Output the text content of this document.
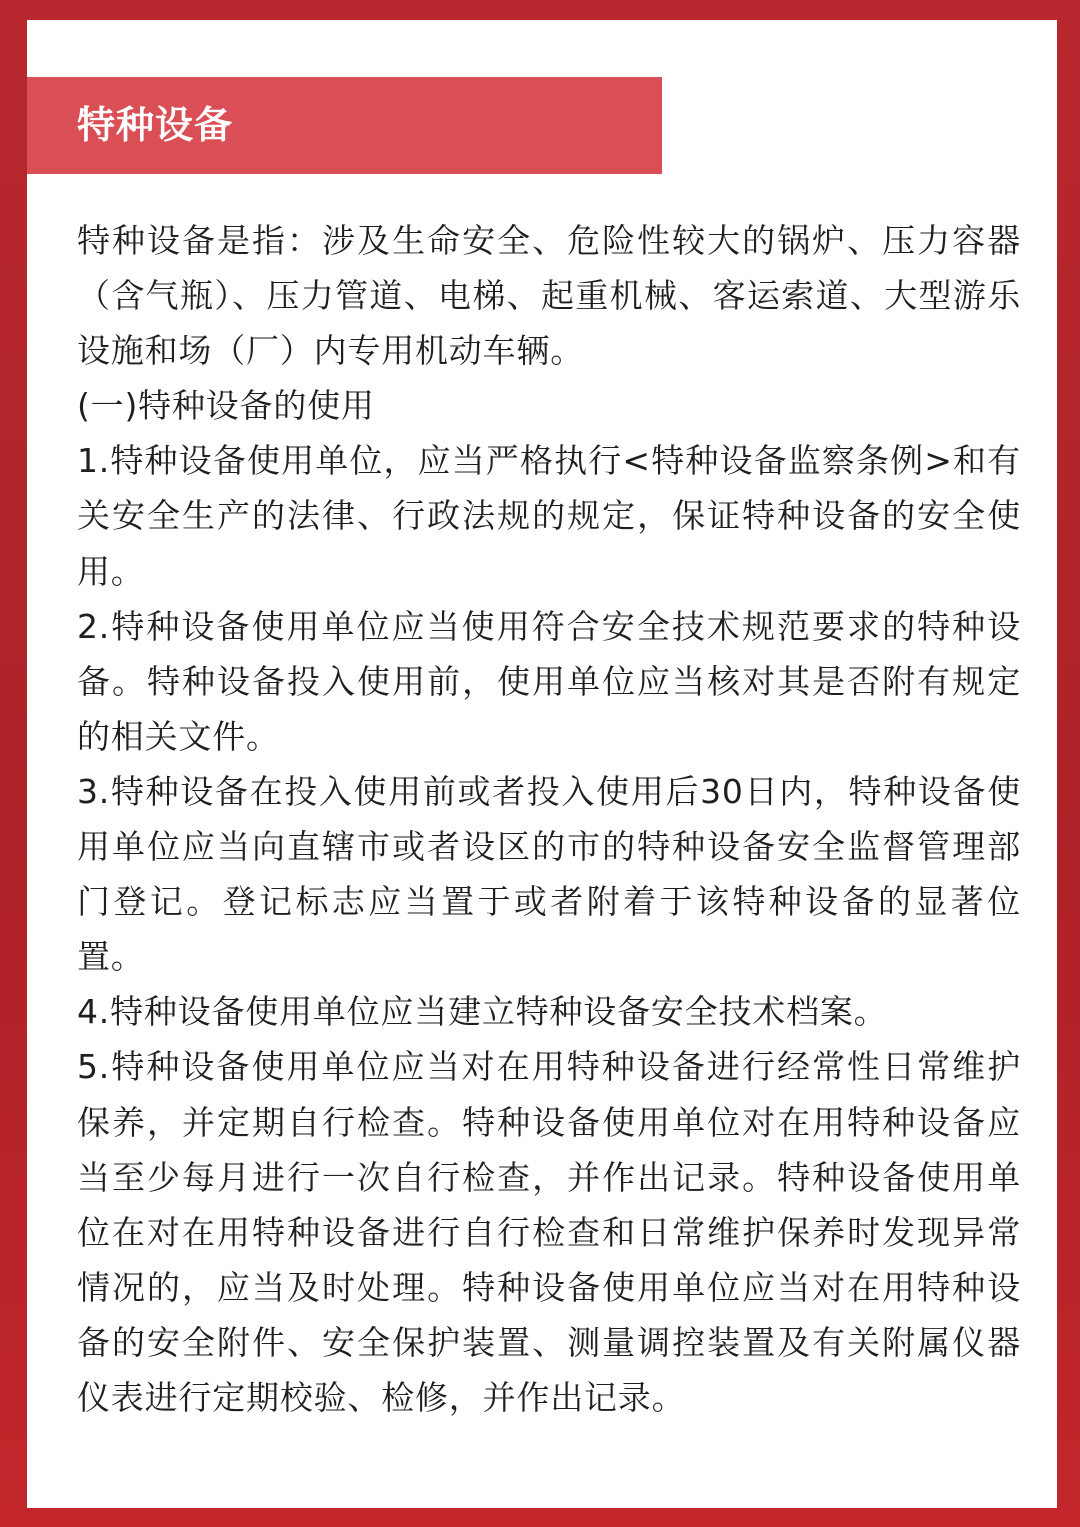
特种设备

特种设备是指：涉及生命安全、危险性较大的锅炉、压力容器（含气瓶）、压力管道、电梯、起重机械、客运索道、大型游乐设施和场（厂）内专用机动车辆。

(一)特种设备的使用

1.特种设备使用单位，应当严格执行<特种设备监察条例>和有关安全生产的法律、行政法规的规定，保证特种设备的安全使用。

2.特种设备使用单位应当使用符合安全技术规范要求的特种设备。特种设备投入使用前，使用单位应当核对其是否附有规定的相关文件。

3.特种设备在投入使用前或者投入使用后30日内，特种设备使用单位应当向直辖市或者设区的市的特种设备安全监督管理部门登记。登记标志应当置于或者附着于该特种设备的显著位置。

4.特种设备使用单位应当建立特种设备安全技术档案。

5.特种设备使用单位应当对在用特种设备进行经常性日常维护保养，并定期自行检查。特种设备使用单位对在用特种设备应当至少每月进行一次自行检查，并作出记录。特种设备使用单位在对在用特种设备进行自行检查和日常维护保养时发现异常情况的，应当及时处理。特种设备使用单位应当对在用特种设备的安全附件、安全保护装置、测量调控装置及有关附属仪器仪表进行定期校验、检修，并作出记录。
